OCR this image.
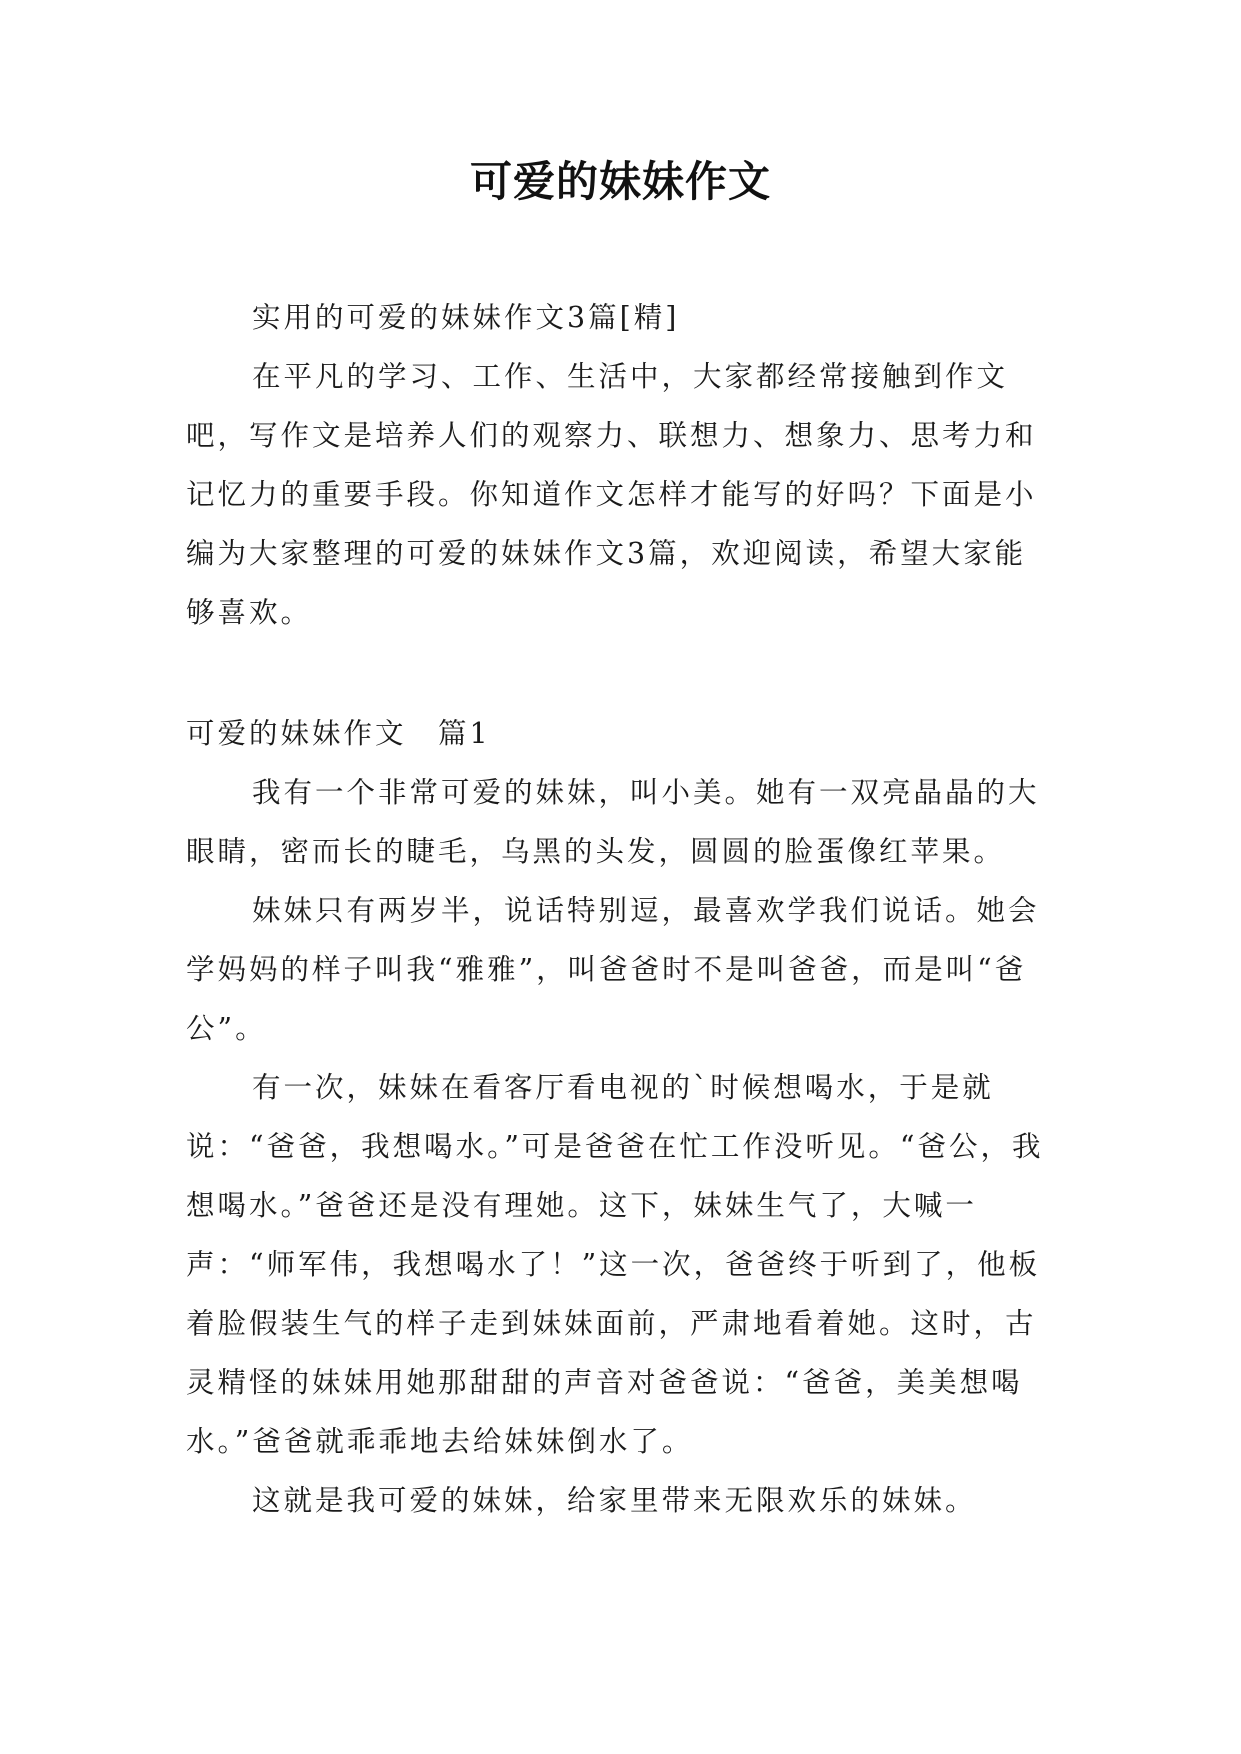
可爱的妹妹作文

实用的可爱的妹妹作文3篇[精]

在平凡的学习、工作、生活中，大家都经常接触到作文吧，写作文是培养人们的观察力、联想力、想象力、思考力和记忆力的重要手段。你知道作文怎样才能写的好吗？下面是小编为大家整理的可爱的妹妹作文3篇，欢迎阅读，希望大家能够喜欢。

可爱的妹妹作文　篇1

我有一个非常可爱的妹妹，叫小美。她有一双亮晶晶的大眼睛，密而长的睫毛，乌黑的头发，圆圆的脸蛋像红苹果。

妹妹只有两岁半，说话特别逗，最喜欢学我们说话。她会学妈妈的样子叫我“雅雅”，叫爸爸时不是叫爸爸，而是叫“爸公”。

有一次，妹妹在看客厅看电视的`时候想喝水，于是就说：“爸爸，我想喝水。”可是爸爸在忙工作没听见。“爸公，我想喝水。”爸爸还是没有理她。这下，妹妹生气了，大喊一声：“师军伟，我想喝水了！”这一次，爸爸终于听到了，他板着脸假装生气的样子走到妹妹面前，严肃地看着她。这时，古灵精怪的妹妹用她那甜甜的声音对爸爸说：“爸爸，美美想喝水。”爸爸就乖乖地去给妹妹倒水了。

这就是我可爱的妹妹，给家里带来无限欢乐的妹妹。
